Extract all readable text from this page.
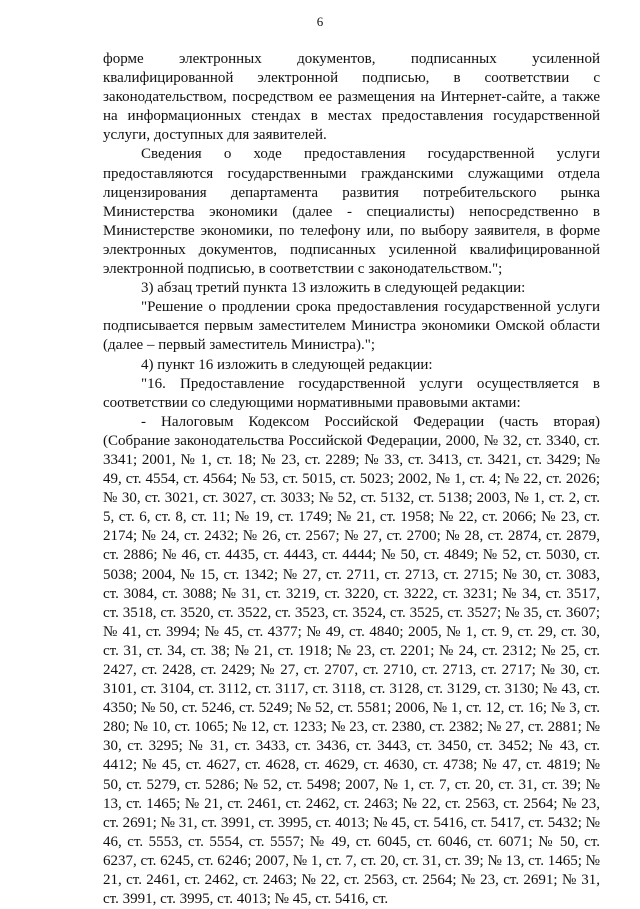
6

форме электронных документов, подписанных усиленной квалифицированной электронной подписью, в соответствии с законодательством, посредством ее размещения на Интернет-сайте, а также на информационных стендах в местах предоставления государственной услуги, доступных для заявителей.

Сведения о ходе предоставления государственной услуги предоставляются государственными гражданскими служащими отдела лицензирования департамента развития потребительского рынка Министерства экономики (далее - специалисты) непосредственно в Министерстве экономики, по телефону или, по выбору заявителя, в форме электронных документов, подписанных усиленной квалифицированной электронной подписью, в соответствии с законодательством.";

3) абзац третий пункта 13 изложить в следующей редакции:

"Решение о продлении срока предоставления государственной услуги подписывается первым заместителем Министра экономики Омской области (далее – первый заместитель Министра).";

4) пункт 16 изложить в следующей редакции:

"16. Предоставление государственной услуги осуществляется в соответствии со следующими нормативными правовыми актами:

- Налоговым Кодексом Российской Федерации (часть вторая) (Собрание законодательства Российской Федерации, 2000, № 32, ст. 3340, ст. 3341; 2001, № 1, ст. 18; № 23, ст. 2289; № 33, ст. 3413, ст. 3421, ст. 3429; № 49, ст. 4554, ст. 4564; № 53, ст. 5015, ст. 5023; 2002, № 1, ст. 4; № 22, ст. 2026; № 30, ст. 3021, ст. 3027, ст. 3033; № 52, ст. 5132, ст. 5138; 2003, № 1, ст. 2, ст. 5, ст. 6, ст. 8, ст. 11; № 19, ст. 1749; № 21, ст. 1958; № 22, ст. 2066; № 23, ст. 2174; № 24, ст. 2432; № 26, ст. 2567; № 27, ст. 2700; № 28, ст. 2874, ст. 2879, ст. 2886; № 46, ст. 4435, ст. 4443, ст. 4444; № 50, ст. 4849; № 52, ст. 5030, ст. 5038; 2004, № 15, ст. 1342; № 27, ст. 2711, ст. 2713, ст. 2715; № 30, ст. 3083, ст. 3084, ст. 3088; № 31, ст. 3219, ст. 3220, ст. 3222, ст. 3231; № 34, ст. 3517, ст. 3518, ст. 3520, ст. 3522, ст. 3523, ст. 3524, ст. 3525, ст. 3527; № 35, ст. 3607; № 41, ст. 3994; № 45, ст. 4377; № 49, ст. 4840; 2005, № 1, ст. 9, ст. 29, ст. 30, ст. 31, ст. 34, ст. 38; № 21, ст. 1918; № 23, ст. 2201; № 24, ст. 2312; № 25, ст. 2427, ст. 2428, ст. 2429; № 27, ст. 2707, ст. 2710, ст. 2713, ст. 2717; № 30, ст. 3101, ст. 3104, ст. 3112, ст. 3117, ст. 3118, ст. 3128, ст. 3129, ст. 3130; № 43, ст. 4350; № 50, ст. 5246, ст. 5249; № 52, ст. 5581; 2006, № 1, ст. 12, ст. 16; № 3, ст. 280; № 10, ст. 1065; № 12, ст. 1233; № 23, ст. 2380, ст. 2382; № 27, ст. 2881; № 30, ст. 3295; № 31, ст. 3433, ст. 3436, ст. 3443, ст. 3450, ст. 3452; № 43, ст. 4412; № 45, ст. 4627, ст. 4628, ст. 4629, ст. 4630, ст. 4738; № 47, ст. 4819; № 50, ст. 5279, ст. 5286; № 52, ст. 5498; 2007, № 1, ст. 7, ст. 20, ст. 31, ст. 39; № 13, ст. 1465; № 21, ст. 2461, ст. 2462, ст. 2463; № 22, ст. 2563, ст. 2564; № 23, ст. 2691; № 31, ст. 3991, ст. 3995, ст. 4013; № 45, ст. 5416, ст. 5417, ст. 5432; № 46, ст. 5553, ст. 5554, ст. 5557; № 49, ст. 6045, ст. 6046, ст. 6071; № 50, ст. 6237, ст. 6245, ст. 6246; 2007, № 1, ст. 7, ст. 20, ст. 31, ст. 39; № 13, ст. 1465; № 21, ст. 2461, ст. 2462, ст. 2463; № 22, ст. 2563, ст. 2564; № 23, ст. 2691; № 31, ст. 3991, ст. 3995, ст. 4013; № 45, ст. 5416, ст.
